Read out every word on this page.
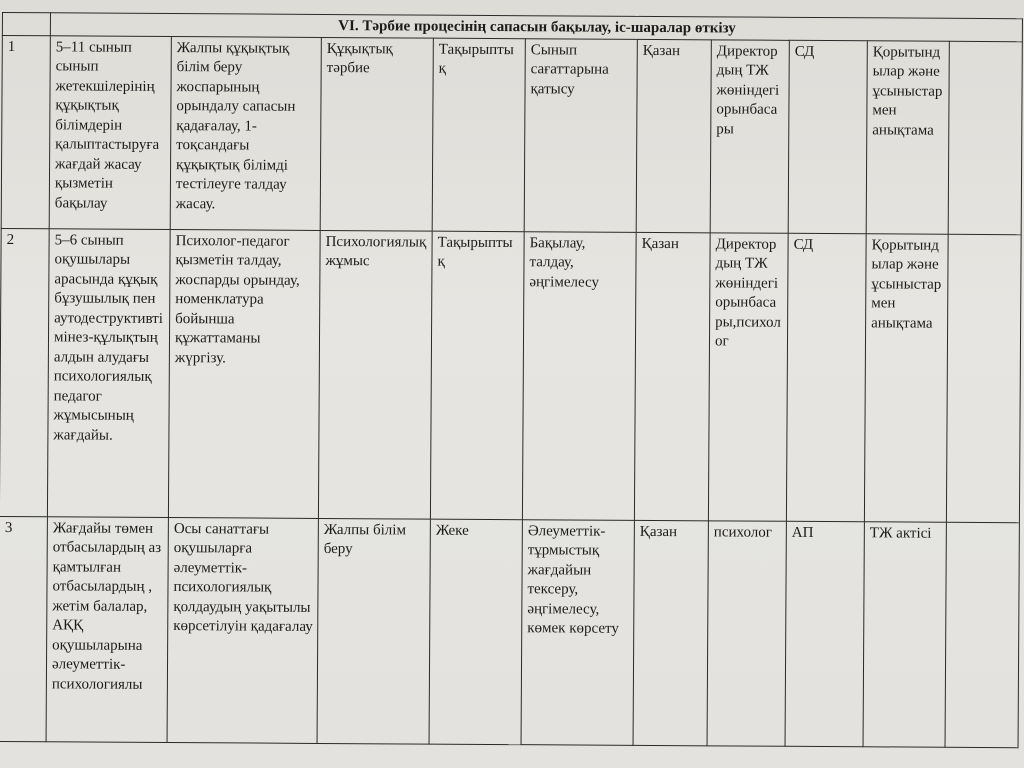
	VI. Тәрбие процесінің сапасын бақылау, іс-шаралар өткізу									
1	5–11 сынып сынып жетекшілерінің құқықтық білімдерін қалыптастыруға жағдай жасау қызметін бақылау	Жалпы құқықтық білім беру жоспарының орындалу сапасын қадағалау, 1-тоқсандағы құқықтық білімді тестілеуге талдау жасау.	Құқықтық тәрбие	Тақырыптық	Сынып сағаттарына қатысу	Қазан	Директордың ТЖ жөніндегі орынбасары	СД	Қорытындылар және ұсыныстармен анықтама	
2	5–6 сынып оқушылары арасында құқық бұзушылық пен аутодеструктивті мінез-құлықтың алдын алудағы психологиялық педагог жұмысының жағдайы.	Психолог-педагог қызметін талдау, жоспарды орындау, номенклатура бойынша құжаттаманы жүргізу.	Психологиялық жұмыс	Тақырыптық	Бақылау, талдау, әңгімелесу	Қазан	Директордың ТЖ жөніндегі орынбасары,психолог	СД	Қорытындылар және ұсыныстармен анықтама	
3	Жағдайы төмен отбасылардың аз қамтылған отбасылардың , жетім балалар, АҚҚ оқушыларына әлеуметтік-психологиялы	Осы санаттағы оқушыларға әлеуметтік-психологиялық қолдаудың уақытылы көрсетілуін қадағалау	Жалпы білім беру	Жеке	Әлеуметтік-тұрмыстық жағдайын тексеру, әңгімелесу, көмек көрсету	Қазан	психолог	АП	ТЖ актісі	
